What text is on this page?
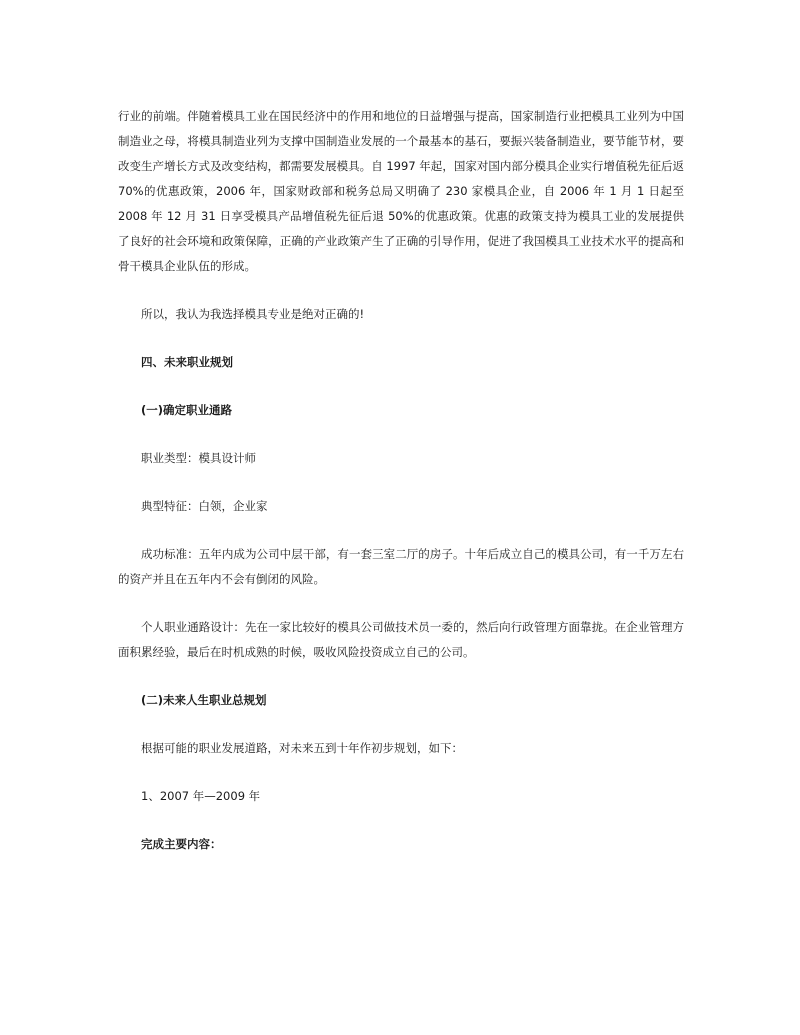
行业的前端。伴随着模具工业在国民经济中的作用和地位的日益增强与提高，国家制造行业把模具工业列为中国制造业之母，将模具制造业列为支撑中国制造业发展的一个最基本的基石，要振兴装备制造业，要节能节材，要改变生产增长方式及改变结构，都需要发展模具。自 1997 年起，国家对国内部分模具企业实行增值税先征后返 70%的优惠政策，2006 年，国家财政部和税务总局又明确了 230 家模具企业，自 2006 年 1 月 1 日起至 2008 年 12 月 31 日享受模具产品增值税先征后退 50%的优惠政策。优惠的政策支持为模具工业的发展提供了良好的社会环境和政策保障，正确的产业政策产生了正确的引导作用，促进了我国模具工业技术水平的提高和骨干模具企业队伍的形成。

所以，我认为我选择模具专业是绝对正确的!

四、未来职业规划

(一)确定职业通路

职业类型：模具设计师

典型特征：白领，企业家

成功标准：五年内成为公司中层干部，有一套三室二厅的房子。十年后成立自己的模具公司，有一千万左右的资产并且在五年内不会有倒闭的风险。

个人职业通路设计：先在一家比较好的模具公司做技术员一委的，然后向行政管理方面靠拢。在企业管理方面积累经验，最后在时机成熟的时候，吸收风险投资成立自己的公司。

(二)未来人生职业总规划

根据可能的职业发展道路，对未来五到十年作初步规划，如下：

1、2007 年—2009 年

完成主要内容：
